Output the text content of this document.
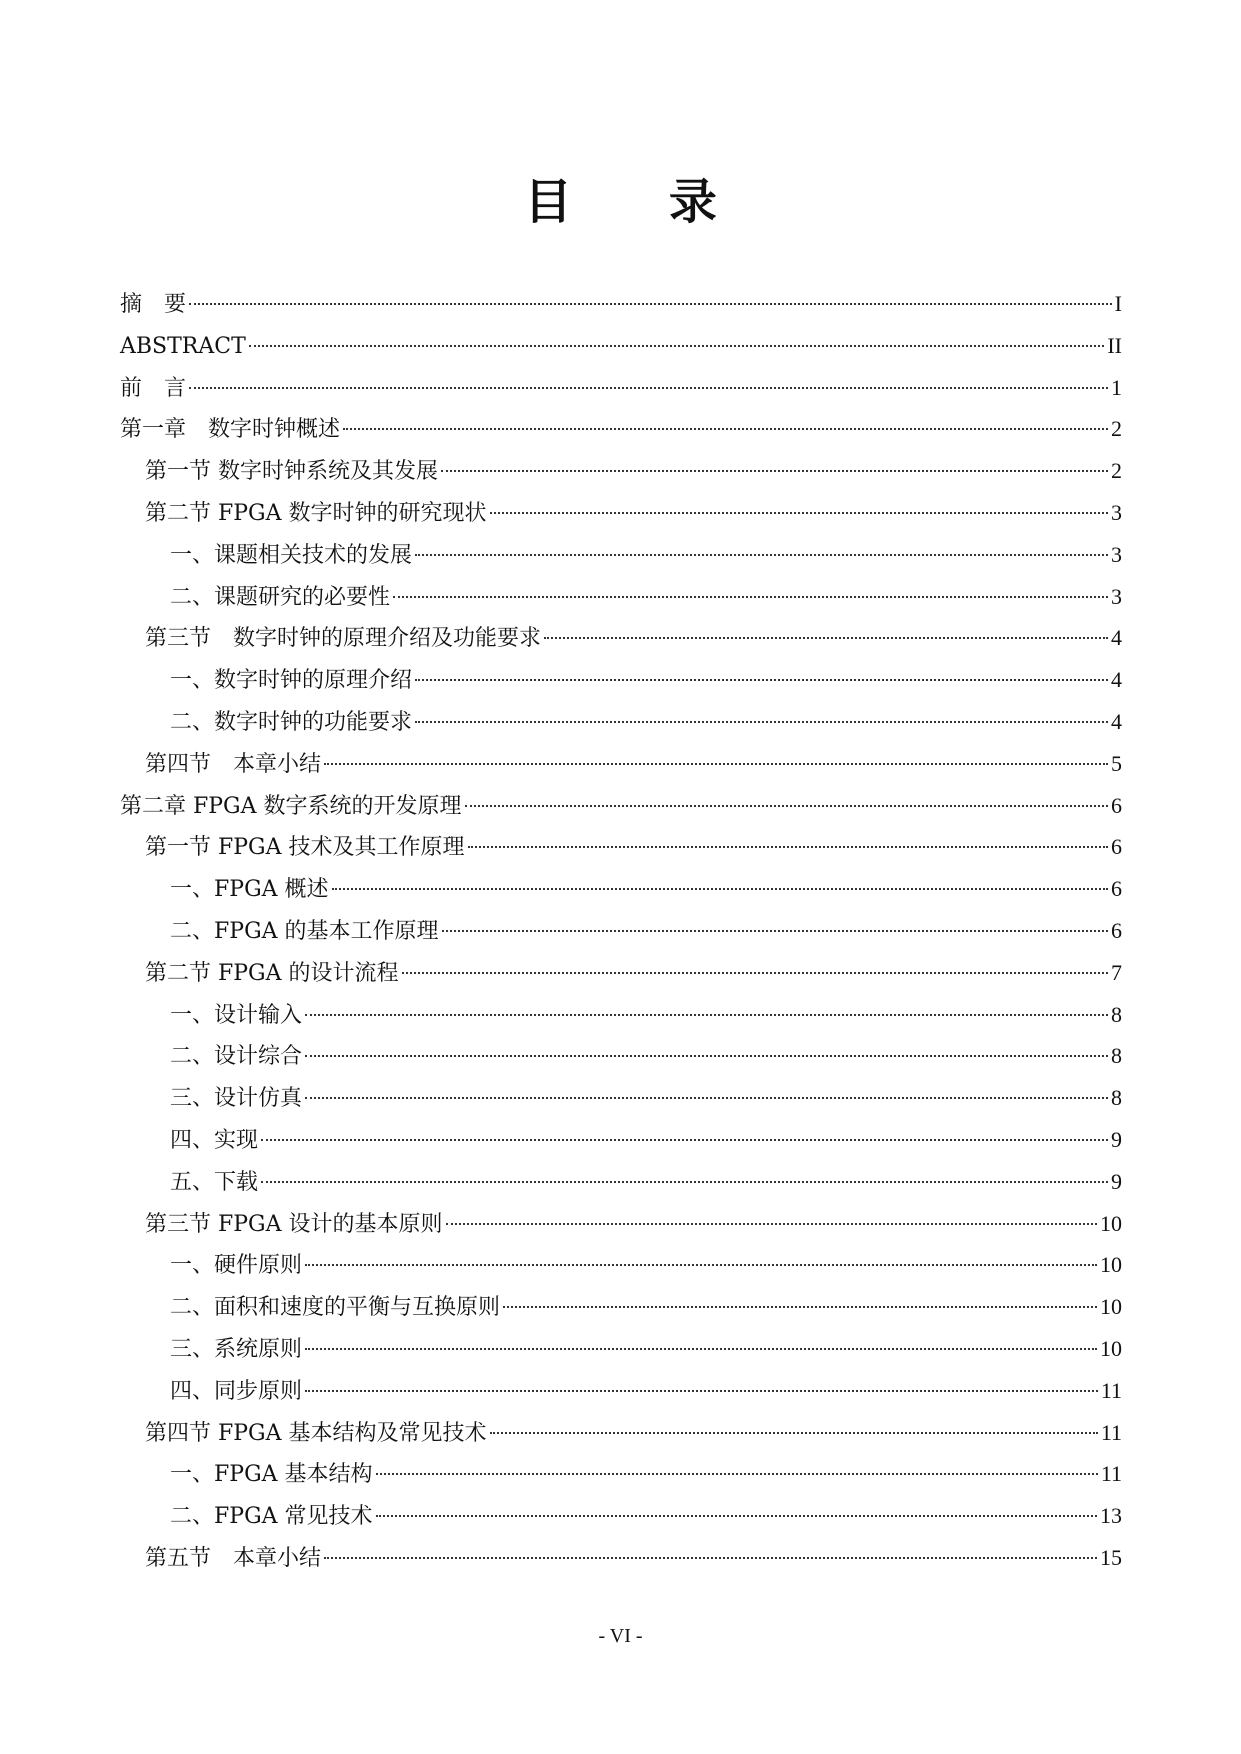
目 录
摘　要	I
ABSTRACT	II
前　言	1
第一章　数字时钟概述	2
第一节 数字时钟系统及其发展	2
第二节 FPGA 数字时钟的研究现状	3
一、课题相关技术的发展	3
二、课题研究的必要性	3
第三节　数字时钟的原理介绍及功能要求	4
一、数字时钟的原理介绍	4
二、数字时钟的功能要求	4
第四节　本章小结	5
第二章 FPGA 数字系统的开发原理	6
第一节 FPGA 技术及其工作原理	6
一、FPGA 概述	6
二、FPGA 的基本工作原理	6
第二节 FPGA 的设计流程	7
一、设计输入	8
二、设计综合	8
三、设计仿真	8
四、实现	9
五、下载	9
第三节 FPGA 设计的基本原则	10
一、硬件原则	10
二、面积和速度的平衡与互换原则	10
三、系统原则	10
四、同步原则	11
第四节 FPGA 基本结构及常见技术	11
一、FPGA 基本结构	11
二、FPGA 常见技术	13
第五节　本章小结	15
- VI -
